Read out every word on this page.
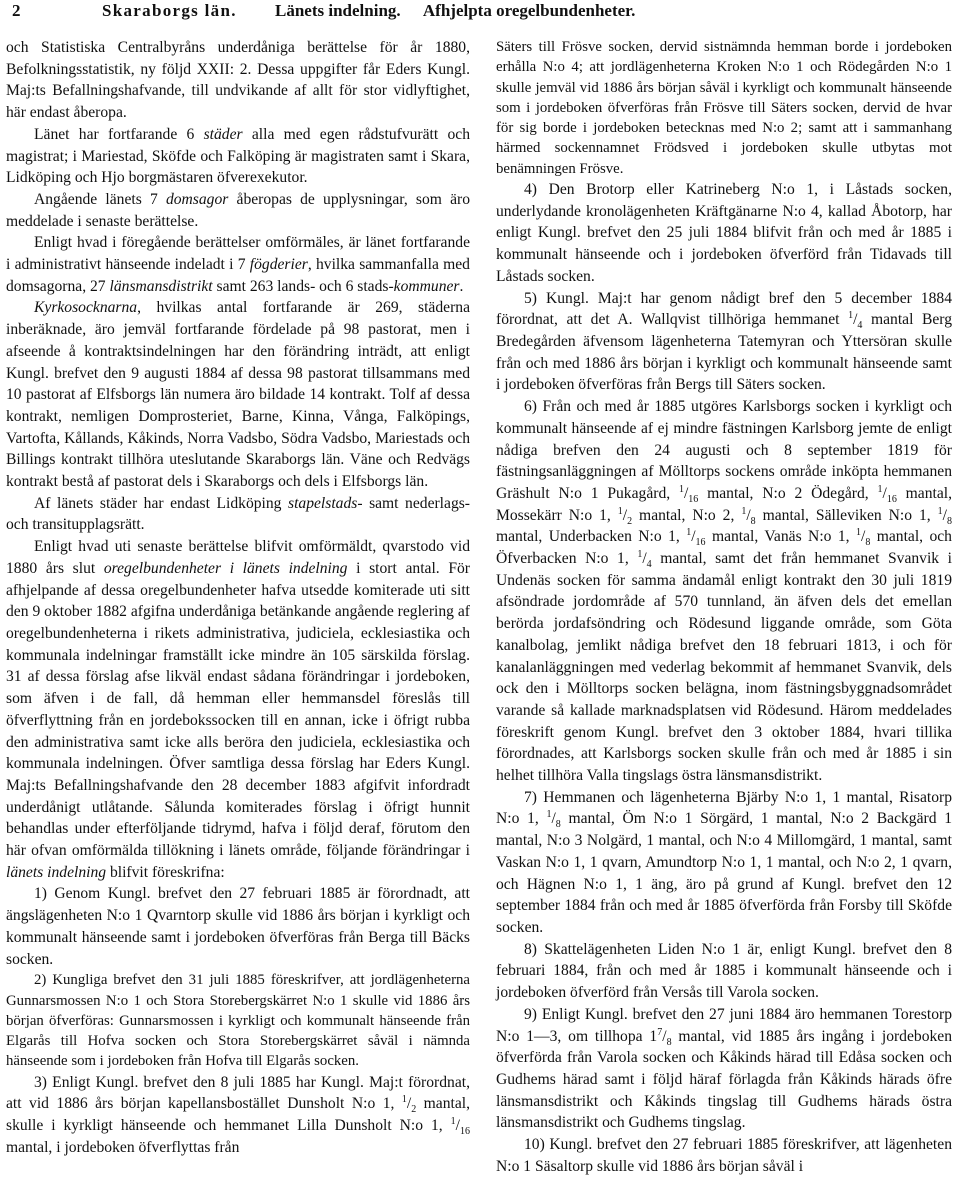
2	Skaraborgs län. Länets indelning. Afhjelpta oregelbundenheter.

och Statistiska Centralbyråns underdåniga berättelse för år 1880, Befolkningsstatistik, ny följd XXII: 2. Dessa uppgifter får Eders Kungl. Maj:ts Befallningshafvande, till undvikande af allt för stor vidlyftighet, här endast åberopa.

Länet har fortfarande 6 städer alla med egen rådstufvurätt och magistrat; i Mariestad, Sköfde och Falköping är magistraten samt i Skara, Lidköping och Hjo borgmästaren öfverexekutor.

Angående länets 7 domsagor åberopas de upplysningar, som äro meddelade i senaste berättelse.

Enligt hvad i föregående berättelser omförmäles, är länet fortfarande i administrativt hänseende indeladt i 7 fögderier, hvilka sammanfalla med domsagorna, 27 länsmansdistrikt samt 263 lands- och 6 stads-kommuner.

Kyrkosocknarna, hvilkas antal fortfarande är 269, städerna inberäknade, äro jemväl fortfarande fördelade på 98 pastorat, men i afseende å kontraktsindelningen har den förändring inträdt, att enligt Kungl. brefvet den 9 augusti 1884 af dessa 98 pastorat tillsammans med 10 pastorat af Elfsborgs län numera äro bildade 14 kontrakt. Tolf af dessa kontrakt, nemligen Domprosteriet, Barne, Kinna, Vånga, Falköpings, Vartofta, Kållands, Kåkinds, Norra Vadsbo, Södra Vadsbo, Mariestads och Billings kontrakt tillhöra uteslutande Skaraborgs län. Väne och Redvägs kontrakt bestå af pastorat dels i Skaraborgs och dels i Elfsborgs län.

Af länets städer har endast Lidköping stapelstads- samt nederlags- och transitupplagsrätt.

Enligt hvad uti senaste berättelse blifvit omförmäldt, qvarstodo vid 1880 års slut oregelbundenheter i länets indelning i stort antal. För afhjelpande af dessa oregelbundenheter hafva utsedde komiterade uti sitt den 9 oktober 1882 afgifna underdåniga betänkande angående reglering af oregelbundenheterna i rikets administrativa, judiciela, ecklesiastika och kommunala indelningar framställt icke mindre än 105 särskilda förslag. 31 af dessa förslag afse likväl endast sådana förändringar i jordeboken, som äfven i de fall, då hemman eller hemmansdel föreslås till öfverflyttning från en jordebokssocken till en annan, icke i öfrigt rubba den administrativa samt icke alls beröra den judiciela, ecklesiastika och kommunala indelningen. Öfver samtliga dessa förslag har Eders Kungl. Maj:ts Befallningshafvande den 28 december 1883 afgifvit infordradt underdånigt utlåtande. Sålunda komiterades förslag i öfrigt hunnit behandlas under efterföljande tidrymd, hafva i följd deraf, förutom den här ofvan omförmälda tillökning i länets område, följande förändringar i länets indelning blifvit föreskrifna:

1) Genom Kungl. brefvet den 27 februari 1885 är förordnadt, att ängslägenheten N:o 1 Qvarntorp skulle vid 1886 års början i kyrkligt och kommunalt hänseende samt i jordeboken öfverföras från Berga till Bäcks socken.

2) Kungliga brefvet den 31 juli 1885 föreskrifver, att jordlägenheterna Gunnarsmossen N:o 1 och Stora Storebergskärret N:o 1 skulle vid 1886 års början öfverföras: Gunnarsmossen i kyrkligt och kommunalt hänseende från Elgarås till Hofva socken och Stora Storebergskärret såväl i nämnda hänseende som i jordeboken från Hofva till Elgarås socken.

3) Enligt Kungl. brefvet den 8 juli 1885 har Kungl. Maj:t förordnat, att vid 1886 års början kapellansbostället Dunsholt N:o 1, $^1/_2$ mantal, skulle i kyrkligt hänseende och hemmanet Lilla Dunsholt N:o 1, $^1/_{16}$ mantal, i jordeboken öfverflyttas från

Säters till Frösve socken, dervid sistnämnda hemman borde i jordeboken erhålla N:o 4; att jordlägenheterna Kroken N:o 1 och Rödegården N:o 1 skulle jemväl vid 1886 års början såväl i kyrkligt och kommunalt hänseende som i jordeboken öfverföras från Frösve till Säters socken, dervid de hvar för sig borde i jordeboken betecknas med N:o 2; samt att i sammanhang härmed sockennamnet Frödsved i jordeboken skulle utbytas mot benämningen Frösve.

4) Den Brotorp eller Katrineberg N:o 1, i Låstads socken, underlydande kronolägenheten Kräftgänarne N:o 4, kallad Åbotorp, har enligt Kungl. brefvet den 25 juli 1884 blifvit från och med år 1885 i kommunalt hänseende och i jordeboken öfverförd från Tidavads till Låstads socken.

5) Kungl. Maj:t har genom nådigt bref den 5 december 1884 förordnat, att det A. Wallqvist tillhöriga hemmanet $^1/_4$ mantal Berg Bredegården äfvensom lägenheterna Tatemyran och Yttersöran skulle från och med 1886 års början i kyrkligt och kommunalt hänseende samt i jordeboken öfverföras från Bergs till Säters socken.

6) Från och med år 1885 utgöres Karlsborgs socken i kyrkligt och kommunalt hänseende af ej mindre fästningen Karlsborg jemte de enligt nådiga brefven den 24 augusti och 8 september 1819 för fästningsanläggningen af Mölltorps sockens område inköpta hemmanen Gräshult N:o 1 Pukagård, $^1/_{16}$ mantal, N:o 2 Ödegård, $^1/_{16}$ mantal, Mossekärr N:o 1, $^1/_2$ mantal, N:o 2, $^1/_8$ mantal, Sälleviken N:o 1, $^1/_8$ mantal, Underbacken N:o 1, $^1/_{16}$ mantal, Vanäs N:o 1, $^1/_8$ mantal, och Öfverbacken N:o 1, $^1/_4$ mantal, samt det från hemmanet Svanvik i Undenäs socken för samma ändamål enligt kontrakt den 30 juli 1819 afsöndrade jordområde af 570 tunnland, än äfven dels det emellan berörda jordafsöndring och Rödesund liggande område, som Göta kanalbolag, jemlikt nådiga brefvet den 18 februari 1813, i och för kanalanläggningen med vederlag bekommit af hemmanet Svanvik, dels ock den i Mölltorps socken belägna, inom fästningsbyggnadsområdet varande så kallade marknadsplatsen vid Rödesund. Härom meddelades föreskrift genom Kungl. brefvet den 3 oktober 1884, hvari tillika förordnades, att Karlsborgs socken skulle från och med år 1885 i sin helhet tillhöra Valla tingslags östra länsmansdistrikt.

7) Hemmanen och lägenheterna Bjärby N:o 1, 1 mantal, Risatorp N:o 1, $^1/_8$ mantal, Öm N:o 1 Sörgärd, 1 mantal, N:o 2 Backgärd 1 mantal, N:o 3 Nolgärd, 1 mantal, och N:o 4 Millomgärd, 1 mantal, samt Vaskan N:o 1, 1 qvarn, Amundtorp N:o 1, 1 mantal, och N:o 2, 1 qvarn, och Hägnen N:o 1, 1 äng, äro på grund af Kungl. brefvet den 12 september 1884 från och med år 1885 öfverförda från Forsby till Sköfde socken.

8) Skattelägenheten Liden N:o 1 är, enligt Kungl. brefvet den 8 februari 1884, från och med år 1885 i kommunalt hänseende och i jordeboken öfverförd från Versås till Varola socken.

9) Enligt Kungl. brefvet den 27 juni 1884 äro hemmanen Torestorp N:o 1—3, om tillhopa $1^7/_8$ mantal, vid 1885 års ingång i jordeboken öfverförda från Varola socken och Kåkinds härad till Edåsa socken och Gudhems härad samt i följd häraf förlagda från Kåkinds härads öfre länsmansdistrikt och Kåkinds tingslag till Gudhems härads östra länsmansdistrikt och Gudhems tingslag.

10) Kungl. brefvet den 27 februari 1885 föreskrifver, att lägenheten N:o 1 Säsaltorp skulle vid 1886 års början såväl i
